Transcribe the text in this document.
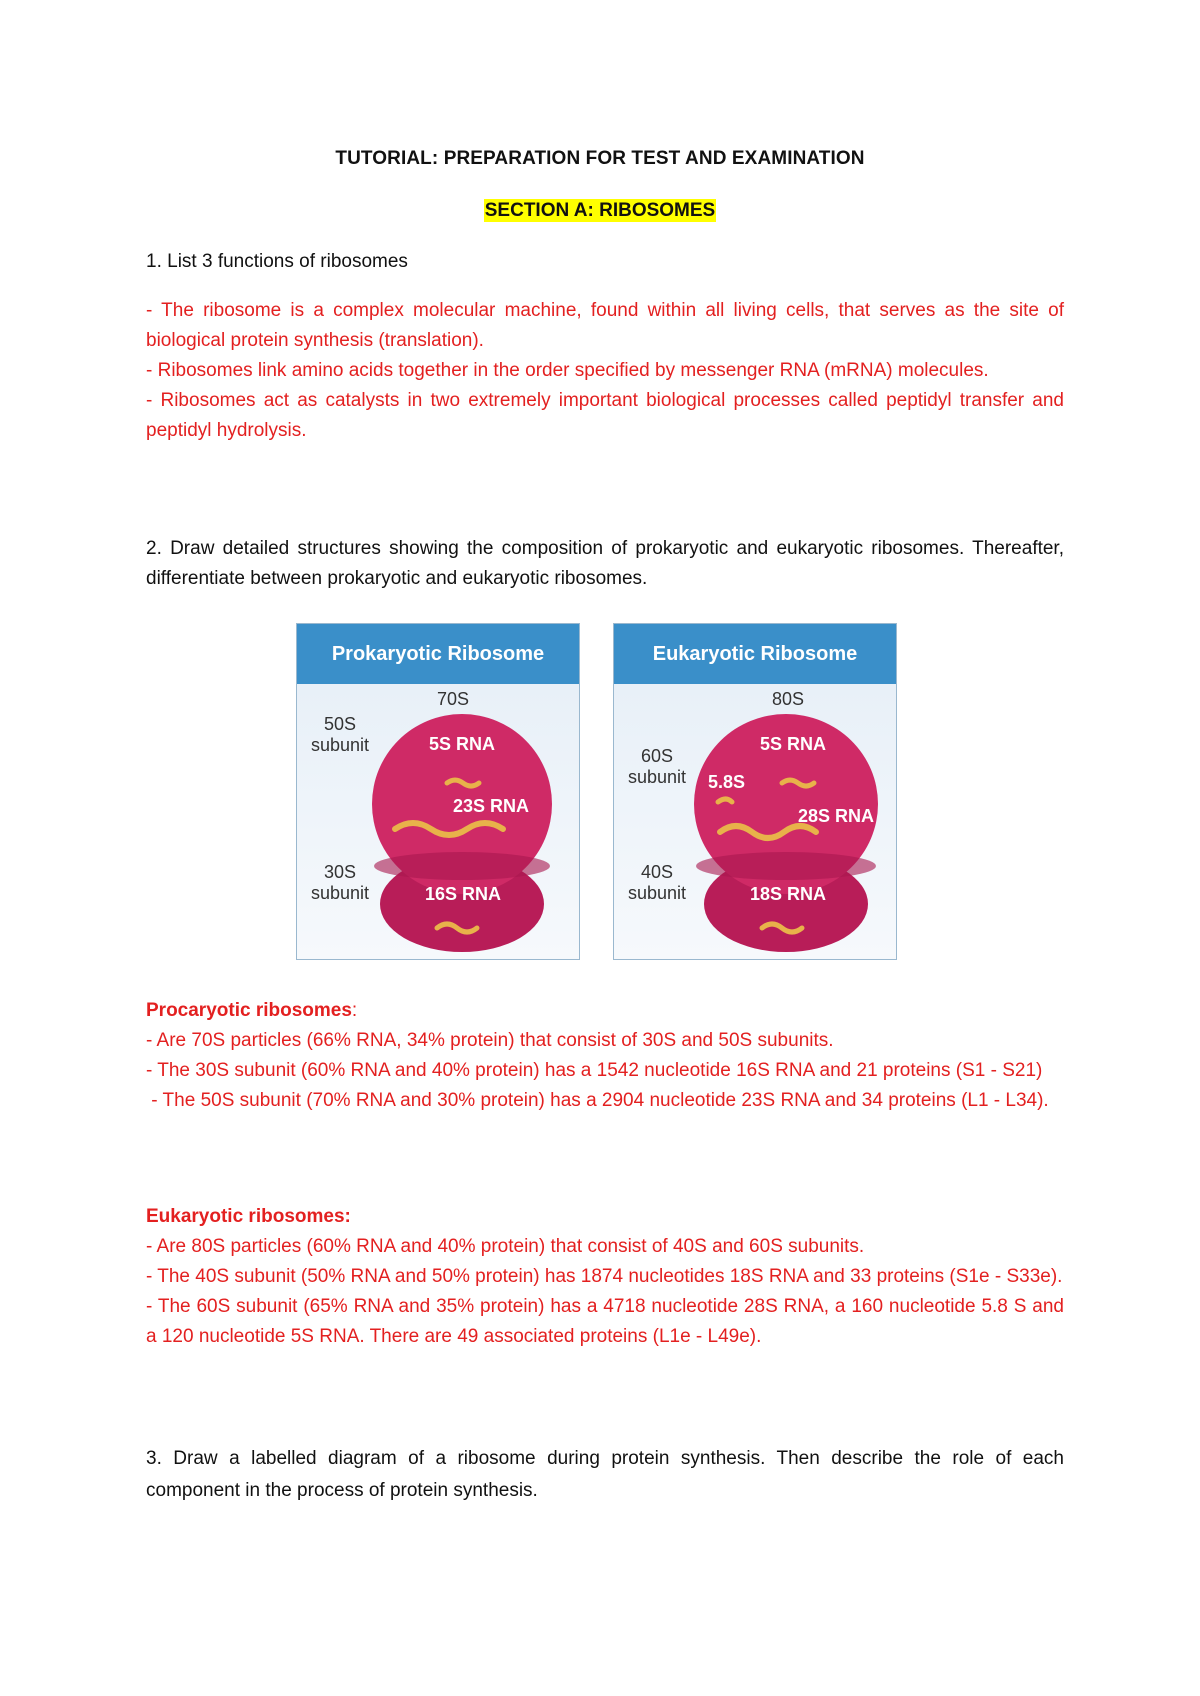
TUTORIAL: PREPARATION FOR TEST AND EXAMINATION
SECTION A: RIBOSOMES
1. List 3 functions of ribosomes

- The ribosome is a complex molecular machine, found within all living cells, that serves as the site of biological protein synthesis (translation).

- Ribosomes link amino acids together in the order specified by messenger RNA (mRNA) molecules.

- Ribosomes act as catalysts in two extremely important biological processes called peptidyl transfer and peptidyl hydrolysis.

2. Draw detailed structures showing the composition of prokaryotic and eukaryotic ribosomes. Thereafter, differentiate between prokaryotic and eukaryotic ribosomes.
Prokaryotic Ribosome
70S
50S subunit
30S subunit
5S RNA
23S RNA
16S RNA
Eukaryotic Ribosome
80S
60S subunit
40S subunit
5S RNA
5.8S
28S RNA
18S RNA

Procaryotic ribosomes:

- Are 70S particles (66% RNA, 34% protein) that consist of 30S and 50S subunits.

- The 30S subunit (60% RNA and 40% protein) has a 1542 nucleotide 16S RNA and 21 proteins (S1 - S21)

- The 50S subunit (70% RNA and 30% protein) has a 2904 nucleotide 23S RNA and 34 proteins (L1 - L34).

Eukaryotic ribosomes:

- Are 80S particles (60% RNA and 40% protein) that consist of 40S and 60S subunits.

- The 40S subunit (50% RNA and 50% protein) has 1874 nucleotides 18S RNA and 33 proteins (S1e - S33e).

- The 60S subunit (65% RNA and 35% protein) has a 4718 nucleotide 28S RNA, a 160 nucleotide 5.8 S and a 120 nucleotide 5S RNA. There are 49 associated proteins (L1e - L49e).

3. Draw a labelled diagram of a ribosome during protein synthesis. Then describe the role of each component in the process of protein synthesis.
